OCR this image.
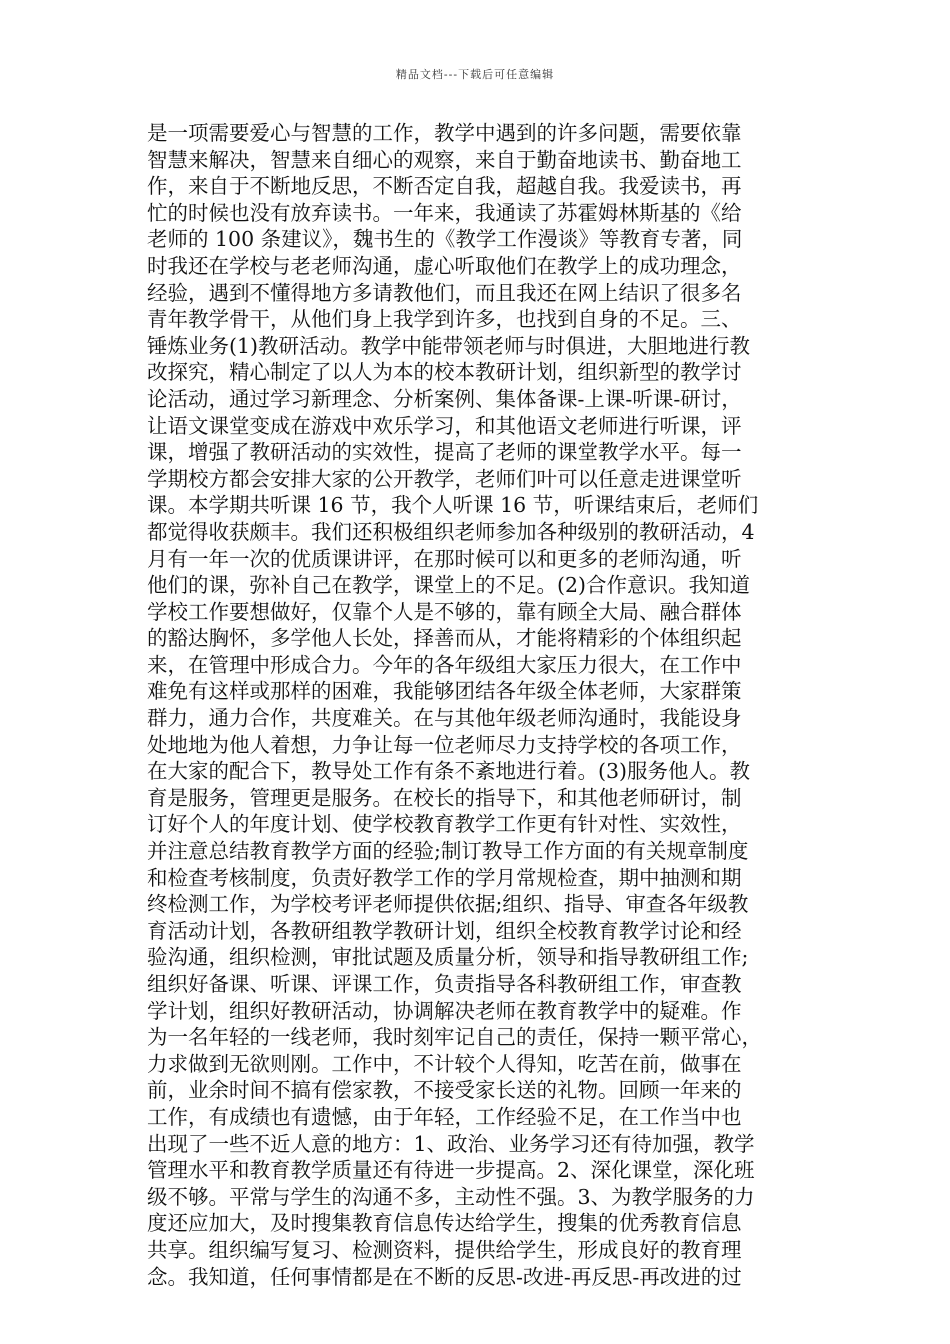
精品文档---下载后可任意编辑
是一项需要爱心与智慧的工作，教学中遇到的许多问题，需要依靠
智慧来解决，智慧来自细心的观察，来自于勤奋地读书、勤奋地工
作，来自于不断地反思，不断否定自我，超越自我。我爱读书，再
忙的时候也没有放弃读书。一年来，我通读了苏霍姆林斯基的《给
老师的 100 条建议》，魏书生的《教学工作漫谈》等教育专著，同
时我还在学校与老老师沟通，虚心听取他们在教学上的成功理念，
经验，遇到不懂得地方多请教他们，而且我还在网上结识了很多名
青年教学骨干，从他们身上我学到许多，也找到自身的不足。三、
锤炼业务(1)教研活动。教学中能带领老师与时俱进，大胆地进行教
改探究，精心制定了以人为本的校本教研计划，组织新型的教学讨
论活动，通过学习新理念、分析案例、集体备课-上课-听课-研讨，
让语文课堂变成在游戏中欢乐学习，和其他语文老师进行听课，评
课，增强了教研活动的实效性，提高了老师的课堂教学水平。每一
学期校方都会安排大家的公开教学，老师们叶可以任意走进课堂听
课。本学期共听课 16 节，我个人听课 16 节，听课结束后，老师们
都觉得收获颇丰。我们还积极组织老师参加各种级别的教研活动，4
月有一年一次的优质课讲评，在那时候可以和更多的老师沟通，听
他们的课，弥补自己在教学，课堂上的不足。(2)合作意识。我知道
学校工作要想做好，仅靠个人是不够的，靠有顾全大局、融合群体
的豁达胸怀，多学他人长处，择善而从，才能将精彩的个体组织起
来，在管理中形成合力。今年的各年级组大家压力很大，在工作中
难免有这样或那样的困难，我能够团结各年级全体老师，大家群策
群力，通力合作，共度难关。在与其他年级老师沟通时，我能设身
处地地为他人着想，力争让每一位老师尽力支持学校的各项工作，
在大家的配合下，教导处工作有条不紊地进行着。(3)服务他人。教
育是服务，管理更是服务。在校长的指导下，和其他老师研讨，制
订好个人的年度计划、使学校教育教学工作更有针对性、实效性，
并注意总结教育教学方面的经验;制订教导工作方面的有关规章制度
和检查考核制度，负责好教学工作的学月常规检查，期中抽测和期
终检测工作，为学校考评老师提供依据;组织、指导、审查各年级教
育活动计划，各教研组教学教研计划，组织全校教育教学讨论和经
验沟通，组织检测，审批试题及质量分析，领导和指导教研组工作;
组织好备课、听课、评课工作，负责指导各科教研组工作，审查教
学计划，组织好教研活动，协调解决老师在教育教学中的疑难。作
为一名年轻的一线老师，我时刻牢记自己的责任，保持一颗平常心，
力求做到无欲则刚。工作中，不计较个人得知，吃苦在前，做事在
前，业余时间不搞有偿家教，不接受家长送的礼物。回顾一年来的
工作，有成绩也有遗憾，由于年轻，工作经验不足，在工作当中也
出现了一些不近人意的地方：1、政治、业务学习还有待加强，教学
管理水平和教育教学质量还有待进一步提高。2、深化课堂，深化班
级不够。平常与学生的沟通不多，主动性不强。3、为教学服务的力
度还应加大，及时搜集教育信息传达给学生，搜集的优秀教育信息
共享。组织编写复习、检测资料，提供给学生，形成良好的教育理
念。我知道，任何事情都是在不断的反思-改进-再反思-再改进的过
